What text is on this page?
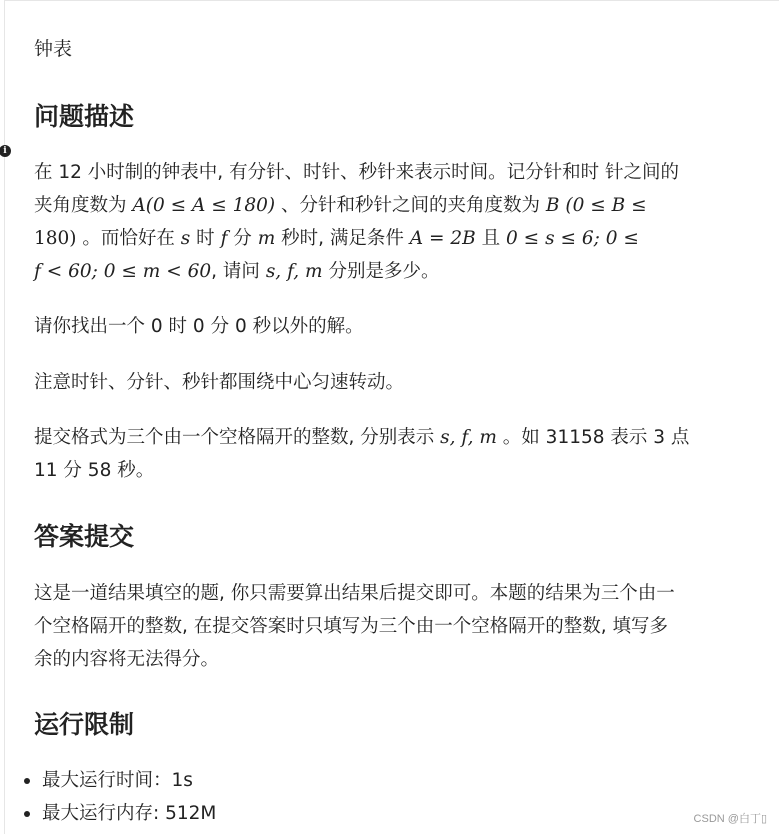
i
钟表
问题描述
在 12 小时制的钟表中, 有分针、时针、秒针来表示时间。记分针和时 针之间的
夹角度数为 A(0 ≤ A ≤ 180) 、分针和秒针之间的夹角度数为 B (0 ≤ B ≤
180) 。而恰好在 s 时 f 分 m 秒时, 满足条件 A = 2B 且 0 ≤ s ≤ 6; 0 ≤
f < 60; 0 ≤ m < 60, 请问 s, f, m 分别是多少。
请你找出一个 0 时 0 分 0 秒以外的解。
注意时针、分针、秒针都围绕中心匀速转动。
提交格式为三个由一个空格隔开的整数, 分别表示 s, f, m 。如 31158 表示 3 点
11 分 58 秒。
答案提交
这是一道结果填空的题, 你只需要算出结果后提交即可。本题的结果为三个由一
个空格隔开的整数, 在提交答案时只填写为三个由一个空格隔开的整数, 填写多
余的内容将无法得分。
运行限制
最大运行时间：1s
最大运行内存: 512M	CSDN @白丁▯
